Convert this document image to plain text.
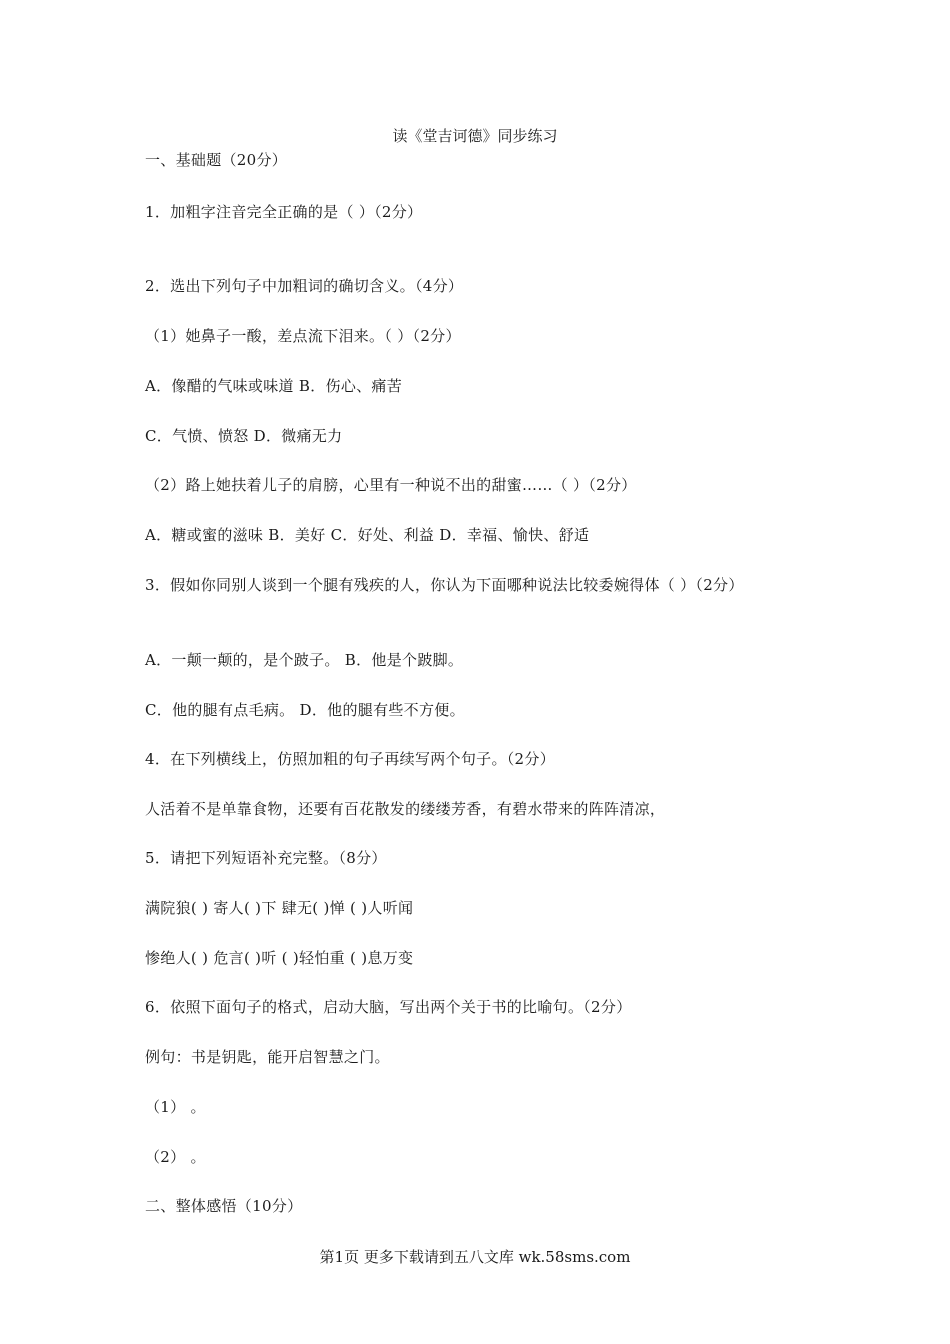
读《堂吉诃德》同步练习
一、基础题（20分）
1．加粗字注音完全正确的是（ ）（2分）
2．选出下列句子中加粗词的确切含义。（4分）
（1）她鼻子一酸，差点流下泪来。（ ）（2分）
A．像醋的气味或味道 B．伤心、痛苦
C．气愤、愤怒 D．微痛无力
（2）路上她扶着儿子的肩膀，心里有一种说不出的甜蜜……（ ）（2分）
A．糖或蜜的滋味 B．美好 C．好处、利益 D．幸福、愉快、舒适
3．假如你同别人谈到一个腿有残疾的人，你认为下面哪种说法比较委婉得体（ ）（2分）
A．一颠一颠的，是个跛子。 B．他是个跛脚。
C．他的腿有点毛病。 D．他的腿有些不方便。
4．在下列横线上，仿照加粗的句子再续写两个句子。（2分）
人活着不是单靠食物，还要有百花散发的缕缕芳香，有碧水带来的阵阵清凉，
5．请把下列短语补充完整。（8分）
满院狼( ) 寄人( )下 肆无( )惮 ( )人听闻
惨绝人( ) 危言( )听 ( )轻怕重 ( )息万变
6．依照下面句子的格式，启动大脑，写出两个关于书的比喻句。（2分）
例句：书是钥匙，能开启智慧之门。
（1） 。
（2） 。
二、整体感悟（10分）
第1页 更多下载请到五八文库 wk.58sms.com
